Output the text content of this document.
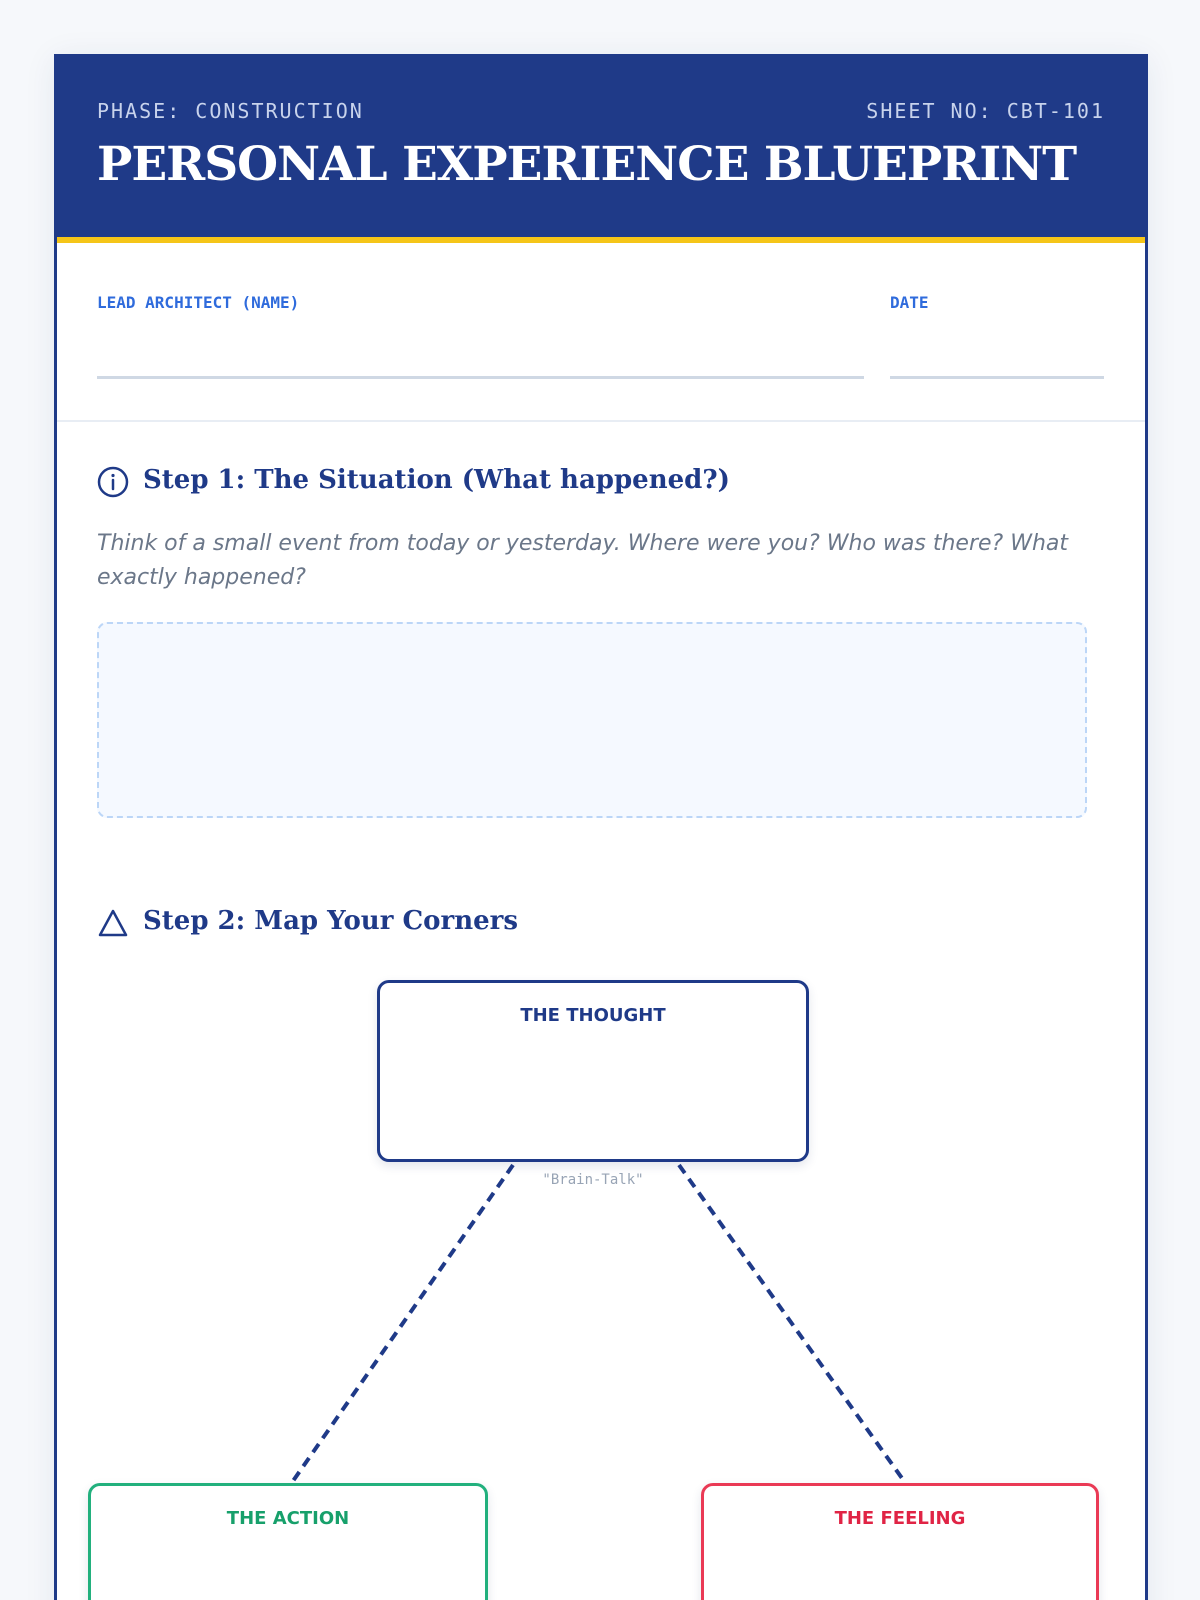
PHASE: CONSTRUCTION	SHEET NO: CBT-101
PERSONAL EXPERIENCE BLUEPRINT
LEAD ARCHITECT (NAME)	DATE
Step 1: The Situation (What happened?)
Think of a small event from today or yesterday. Where were you? Who was there? What exactly happened?
Step 2: Map Your Corners
THE THOUGHT
"Brain-Talk"
THE ACTION	THE FEELING
